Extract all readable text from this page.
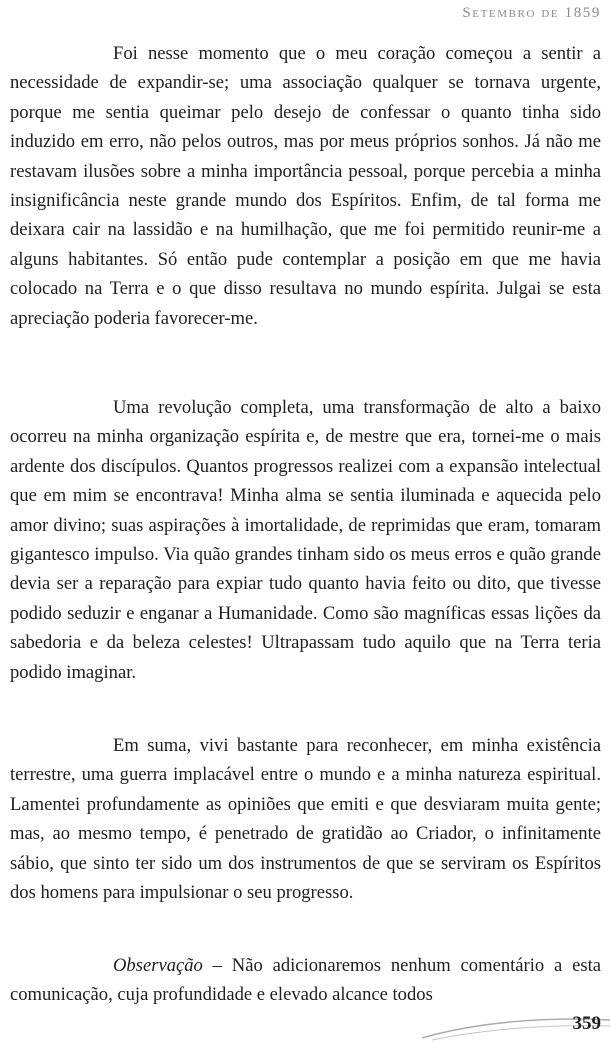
Setembro de 1859

Foi nesse momento que o meu coração começou a sentir a necessidade de expandir-se; uma associação qualquer se tornava urgente, porque me sentia queimar pelo desejo de confessar o quanto tinha sido induzido em erro, não pelos outros, mas por meus próprios sonhos. Já não me restavam ilusões sobre a minha importância pessoal, porque percebia a minha insignificância neste grande mundo dos Espíritos. Enfim, de tal forma me deixara cair na lassidão e na humilhação, que me foi permitido reunir-me a alguns habitantes. Só então pude contemplar a posição em que me havia colocado na Terra e o que disso resultava no mundo espírita. Julgai se esta apreciação poderia favorecer-me.

Uma revolução completa, uma transformação de alto a baixo ocorreu na minha organização espírita e, de mestre que era, tornei-me o mais ardente dos discípulos. Quantos progressos realizei com a expansão intelectual que em mim se encontrava! Minha alma se sentia iluminada e aquecida pelo amor divino; suas aspirações à imortalidade, de reprimidas que eram, tomaram gigantesco impulso. Via quão grandes tinham sido os meus erros e quão grande devia ser a reparação para expiar tudo quanto havia feito ou dito, que tivesse podido seduzir e enganar a Humanidade. Como são magníficas essas lições da sabedoria e da beleza celestes! Ultrapassam tudo aquilo que na Terra teria podido imaginar.

Em suma, vivi bastante para reconhecer, em minha existência terrestre, uma guerra implacável entre o mundo e a minha natureza espiritual. Lamentei profundamente as opiniões que emiti e que desviaram muita gente; mas, ao mesmo tempo, é penetrado de gratidão ao Criador, o infinitamente sábio, que sinto ter sido um dos instrumentos de que se serviram os Espíritos dos homens para impulsionar o seu progresso.

Observação – Não adicionaremos nenhum comentário a esta comunicação, cuja profundidade e elevado alcance todos

359
